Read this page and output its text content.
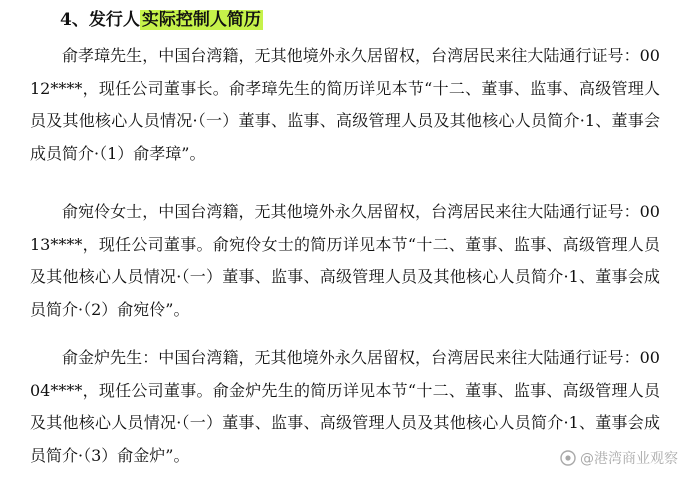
4、发行人 实际控制人简历

俞孝璋先生，中国台湾籍，无其他境外永久居留权，台湾居民来往大陆通行证号：0012****，现任公司董事长。俞孝璋先生的简历详见本节“十二、董事、监事、高级管理人员及其他核心人员情况·（一）董事、监事、高级管理人员及其他核心人员简介·1、董事会成员简介·（1）俞孝璋”。

俞宛伶女士，中国台湾籍，无其他境外永久居留权，台湾居民来往大陆通行证号：0013****，现任公司董事。俞宛伶女士的简历详见本节“十二、董事、监事、高级管理人员及其他核心人员情况·（一）董事、监事、高级管理人员及其他核心人员简介·1、董事会成员简介·（2）俞宛伶”。

俞金炉先生：中国台湾籍，无其他境外永久居留权，台湾居民来往大陆通行证号：0004****，现任公司董事。俞金炉先生的简历详见本节“十二、董事、监事、高级管理人员及其他核心人员情况·（一）董事、监事、高级管理人员及其他核心人员简介·1、董事会成员简介·（3）俞金炉”。	@港湾商业观察
